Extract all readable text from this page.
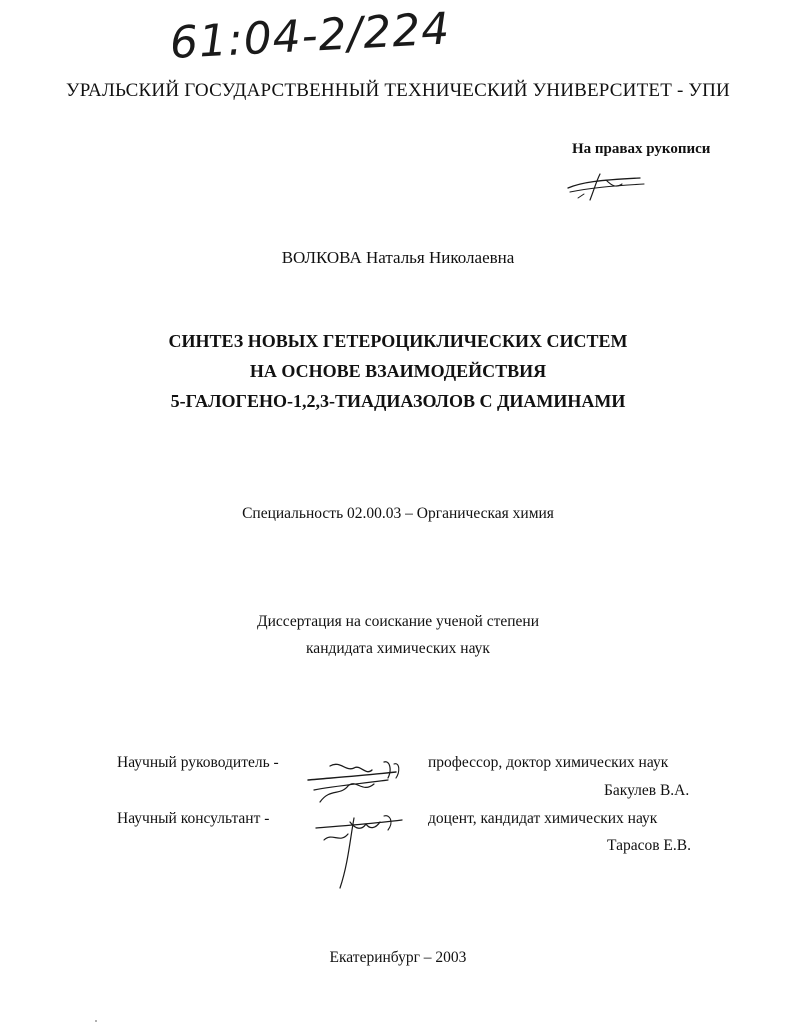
61:04-2/224
УРАЛЬСКИЙ ГОСУДАРСТВЕННЫЙ ТЕХНИЧЕСКИЙ УНИВЕРСИТЕТ - УПИ
На правах рукописи
ВОЛКОВА Наталья Николаевна
СИНТЕЗ НОВЫХ ГЕТЕРОЦИКЛИЧЕСКИХ СИСТЕМ
НА ОСНОВЕ ВЗАИМОДЕЙСТВИЯ
5-ГАЛОГЕНО-1,2,3-ТИАДИАЗОЛОВ С ДИАМИНАМИ
Специальность 02.00.03 – Органическая химия
Диссертация на соискание ученой степени
кандидата химических наук
Научный руководитель -	профессор, доктор химических наук
Бакулев В.А.
Научный консультант -	доцент, кандидат химических наук
Тарасов Е.В.
Екатеринбург – 2003
